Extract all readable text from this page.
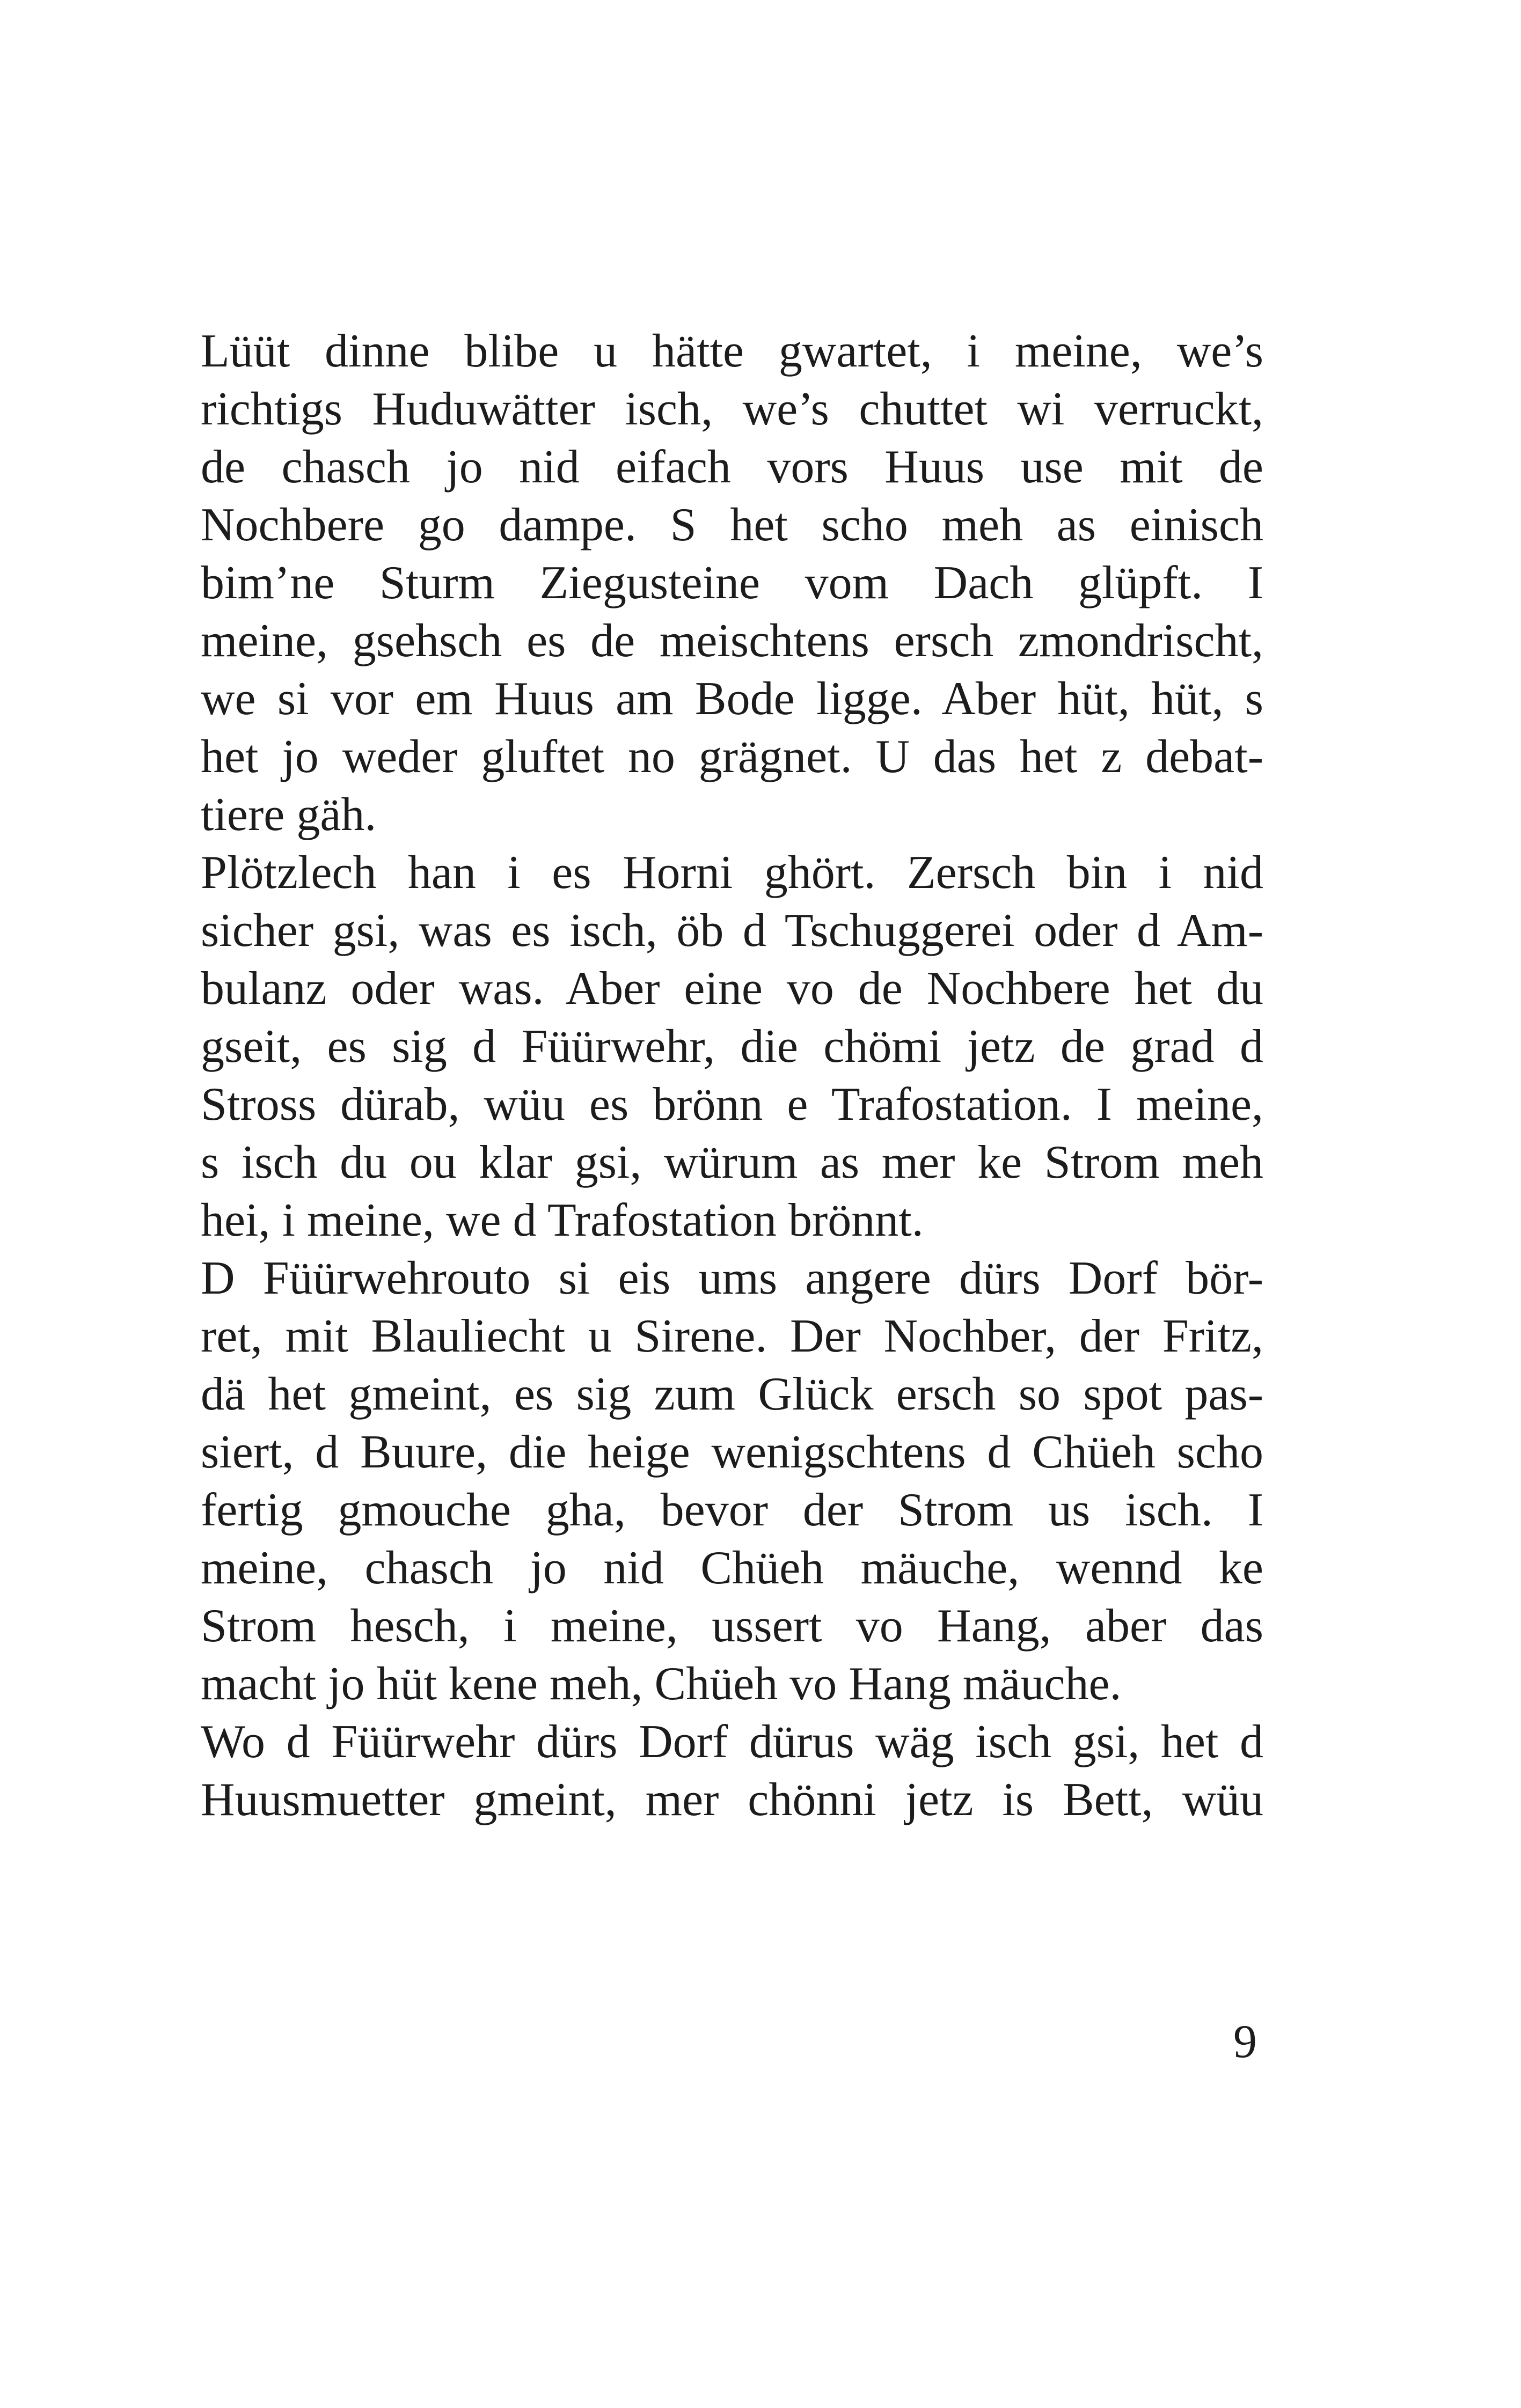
Lüüt dinne blibe u hätte gwartet, i meine, we’s
richtigs Huduwätter isch, we’s chuttet wi verruckt,
de chasch jo nid eifach vors Huus use mit de
Nochbere go dampe. S het scho meh as einisch
bim’ne Sturm Ziegusteine vom Dach glüpft. I
meine, gsehsch es de meischtens ersch zmondrischt,
we si vor em Huus am Bode ligge. Aber hüt, hüt, s
het jo weder gluftet no grägnet. U das het z debat-
tiere gäh.
Plötzlech han i es Horni ghört. Zersch bin i nid
sicher gsi, was es isch, öb d Tschuggerei oder d Am-
bulanz oder was. Aber eine vo de Nochbere het du
gseit, es sig d Füürwehr, die chömi jetz de grad d
Stross dürab, wüu es brönn e Trafostation. I meine,
s isch du ou klar gsi, würum as mer ke Strom meh
hei, i meine, we d Trafostation brönnt.
D Füürwehrouto si eis ums angere dürs Dorf bör-
ret, mit Blauliecht u Sirene. Der Nochber, der Fritz,
dä het gmeint, es sig zum Glück ersch so spot pas-
siert, d Buure, die heige wenigschtens d Chüeh scho
fertig gmouche gha, bevor der Strom us isch. I
meine, chasch jo nid Chüeh mäuche, wennd ke
Strom hesch, i meine, ussert vo Hang, aber das
macht jo hüt kene meh, Chüeh vo Hang mäuche.
Wo d Füürwehr dürs Dorf dürus wäg isch gsi, het d
Huusmuetter gmeint, mer chönni jetz is Bett, wüu
9
